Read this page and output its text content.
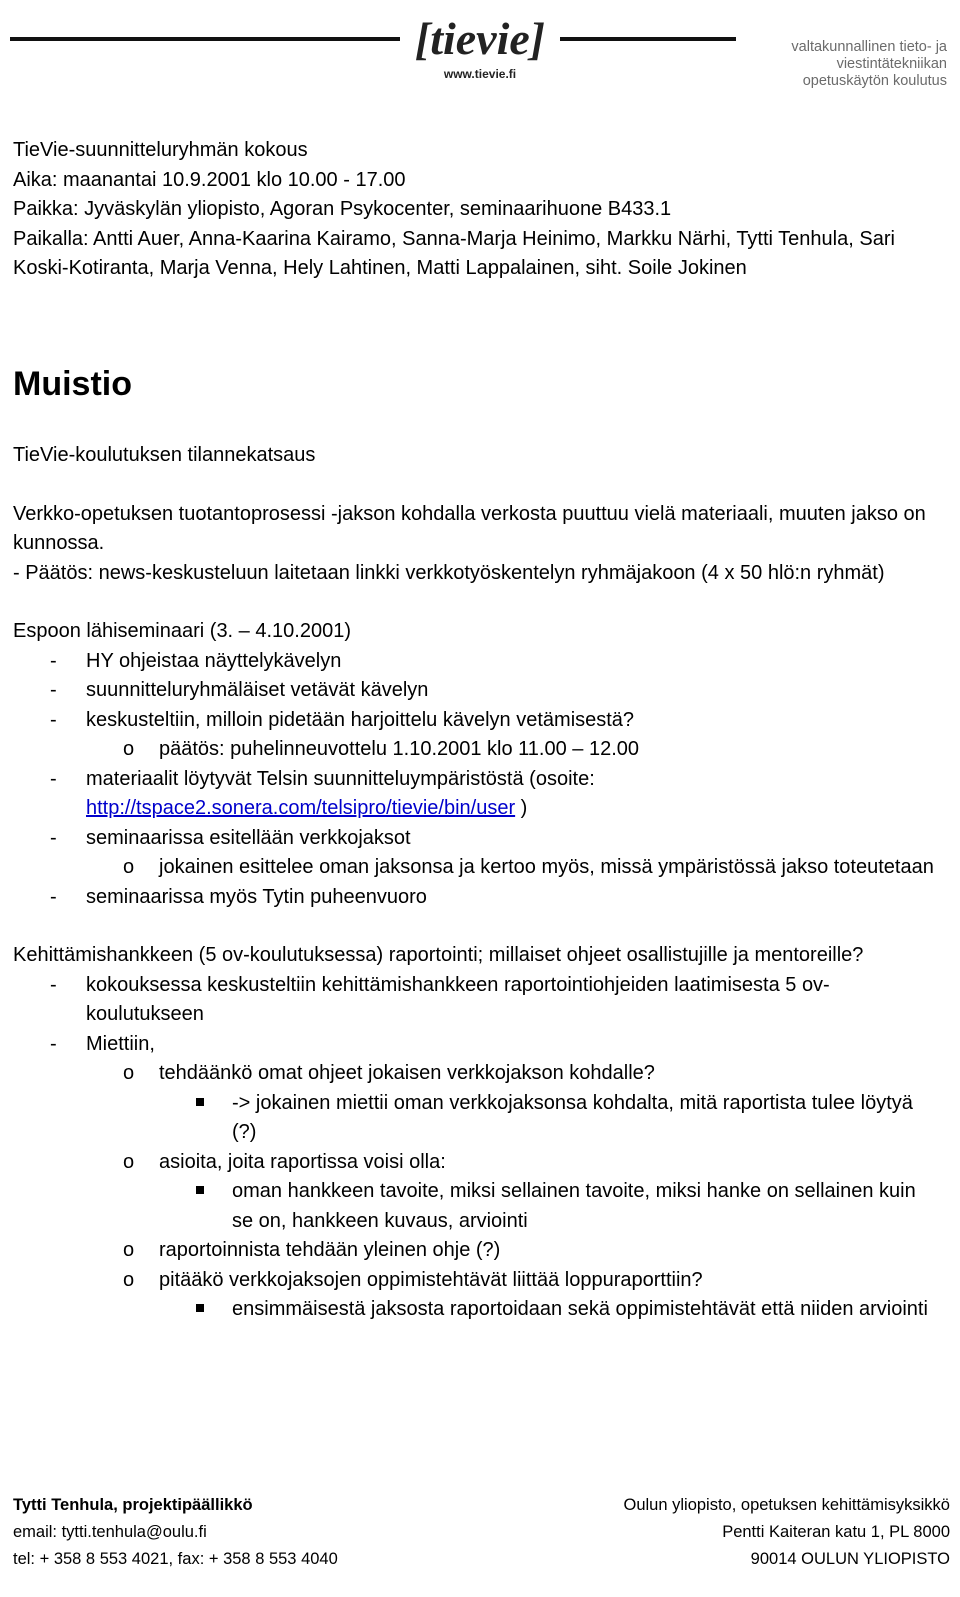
[tievie]
www.tievie.fi
valtakunnallinen tieto- ja
viestintätekniikan
opetuskäytön koulutus

TieVie-suunnitteluryhmän kokous

Aika: maanantai 10.9.2001 klo 10.00 - 17.00

Paikka: Jyväskylän yliopisto, Agoran Psykocenter, seminaarihuone B433.1

Paikalla: Antti Auer, Anna-Kaarina Kairamo, Sanna-Marja Heinimo, Markku Närhi, Tytti Tenhula, Sari Koski-Kotiranta, Marja Venna, Hely Lahtinen, Matti Lappalainen, siht. Soile Jokinen

Muistio

TieVie-koulutuksen tilannekatsaus

Verkko-opetuksen tuotantoprosessi -jakson kohdalla verkosta puuttuu vielä materiaali, muuten jakso on kunnossa.

- Päätös: news-keskusteluun laitetaan linkki verkkotyöskentelyn ryhmäjakoon (4 x 50 hlö:n ryhmät)

Espoon lähiseminaari (3. – 4.10.2001)

- HY ohjeistaa näyttelykävelyn
- suunnitteluryhmäläiset vetävät kävelyn
- keskusteltiin, milloin pidetään harjoittelu kävelyn vetämisestä?
o päätös: puhelinneuvottelu 1.10.2001 klo 11.00 – 12.00
- materiaalit löytyvät Telsin suunnitteluympäristöstä (osoite:
http://tspace2.sonera.com/telsipro/tievie/bin/user )
- seminaarissa esitellään verkkojaksot
o jokainen esittelee oman jaksonsa ja kertoo myös, missä ympäristössä jakso toteutetaan
- seminaarissa myös Tytin puheenvuoro

Kehittämishankkeen (5 ov-koulutuksessa) raportointi; millaiset ohjeet osallistujille ja mentoreille?

- kokouksessa keskusteltiin kehittämishankkeen raportointiohjeiden laatimisesta 5 ov-koulutukseen
- Miettiin,
o tehdäänkö omat ohjeet jokaisen verkkojakson kohdalle?
-> jokainen miettii oman verkkojaksonsa kohdalta, mitä raportista tulee löytyä (?)
o asioita, joita raportissa voisi olla:
oman hankkeen tavoite, miksi sellainen tavoite, miksi hanke on sellainen kuin se on, hankkeen kuvaus, arviointi
o raportoinnista tehdään yleinen ohje (?)
o pitääkö verkkojaksojen oppimistehtävät liittää loppuraporttiin?
ensimmäisestä jaksosta raportoidaan sekä oppimistehtävät että niiden arviointi

Tytti Tenhula, projektipäällikkö

email: tytti.tenhula@oulu.fi

tel: + 358 8 553 4021, fax: + 358 8 553 4040

Oulun yliopisto, opetuksen kehittämisyksikkö

Pentti Kaiteran katu 1, PL 8000

90014 OULUN YLIOPISTO
